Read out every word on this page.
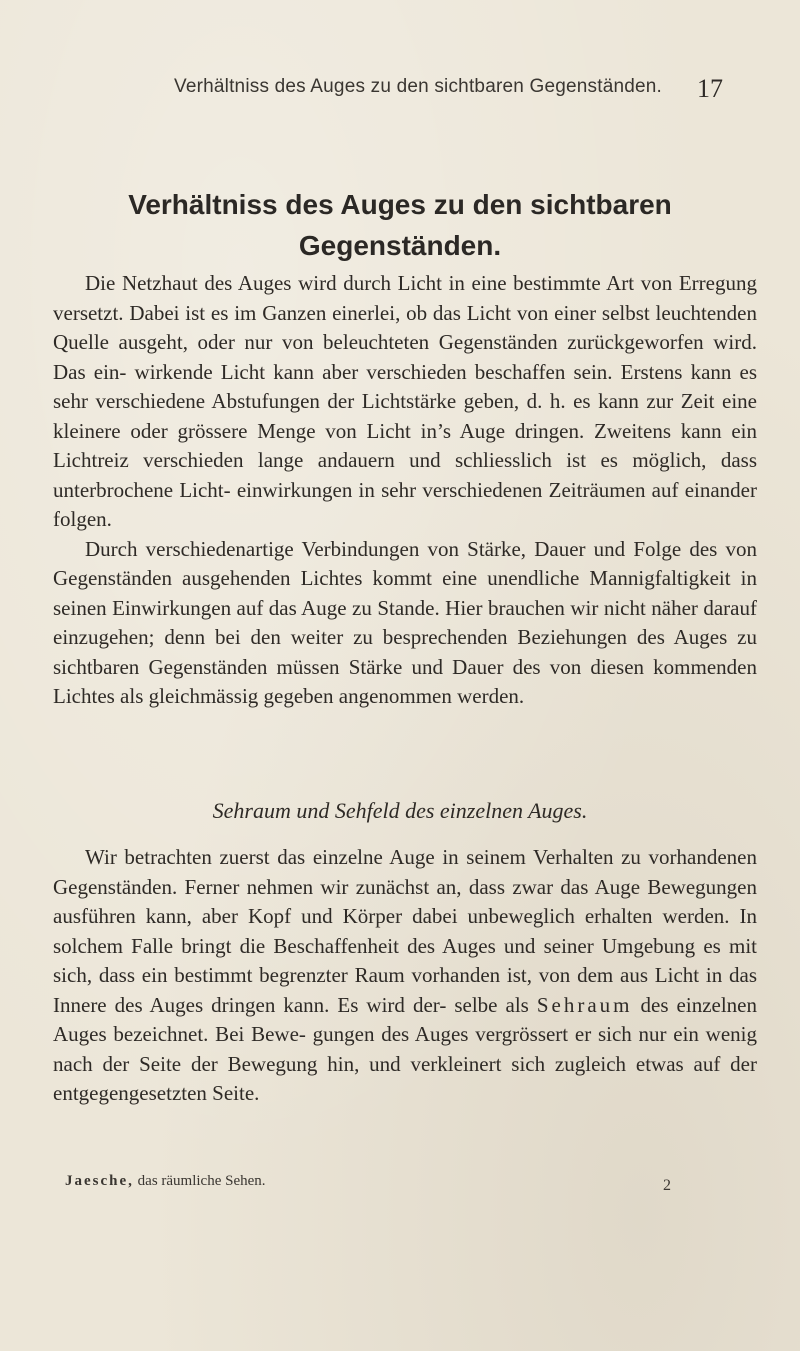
Verhältniss des Auges zu den sichtbaren Gegenständen. 17
Verhältniss des Auges zu den sichtbaren
Gegenständen.

Die Netzhaut des Auges wird durch Licht in eine bestimmte Art von Erregung versetzt. Dabei ist es im Ganzen einerlei, ob das Licht von einer selbst leuchtenden Quelle ausgeht, oder nur von beleuchteten Gegenständen zurückgeworfen wird. Das ein- wirkende Licht kann aber verschieden beschaffen sein. Erstens kann es sehr verschiedene Abstufungen der Lichtstärke geben, d. h. es kann zur Zeit eine kleinere oder grössere Menge von Licht in’s Auge dringen. Zweitens kann ein Lichtreiz verschieden lange andauern und schliesslich ist es möglich, dass unterbrochene Licht- einwirkungen in sehr verschiedenen Zeiträumen auf einander folgen.

Durch verschiedenartige Verbindungen von Stärke, Dauer und Folge des von Gegenständen ausgehenden Lichtes kommt eine unendliche Mannigfaltigkeit in seinen Einwirkungen auf das Auge zu Stande. Hier brauchen wir nicht näher darauf einzugehen; denn bei den weiter zu besprechenden Beziehungen des Auges zu sichtbaren Gegenständen müssen Stärke und Dauer des von diesen kommenden Lichtes als gleichmässig gegeben angenommen werden.

Sehraum und Sehfeld des einzelnen Auges.

Wir betrachten zuerst das einzelne Auge in seinem Verhalten zu vorhandenen Gegenständen. Ferner nehmen wir zunächst an, dass zwar das Auge Bewegungen ausführen kann, aber Kopf und Körper dabei unbeweglich erhalten werden. In solchem Falle bringt die Beschaffenheit des Auges und seiner Umgebung es mit sich, dass ein bestimmt begrenzter Raum vorhanden ist, von dem aus Licht in das Innere des Auges dringen kann. Es wird der- selbe als Sehraum des einzelnen Auges bezeichnet. Bei Bewe- gungen des Auges vergrössert er sich nur ein wenig nach der Seite der Bewegung hin, und verkleinert sich zugleich etwas auf der entgegengesetzten Seite.

Jaesche, das räumliche Sehen.	2
